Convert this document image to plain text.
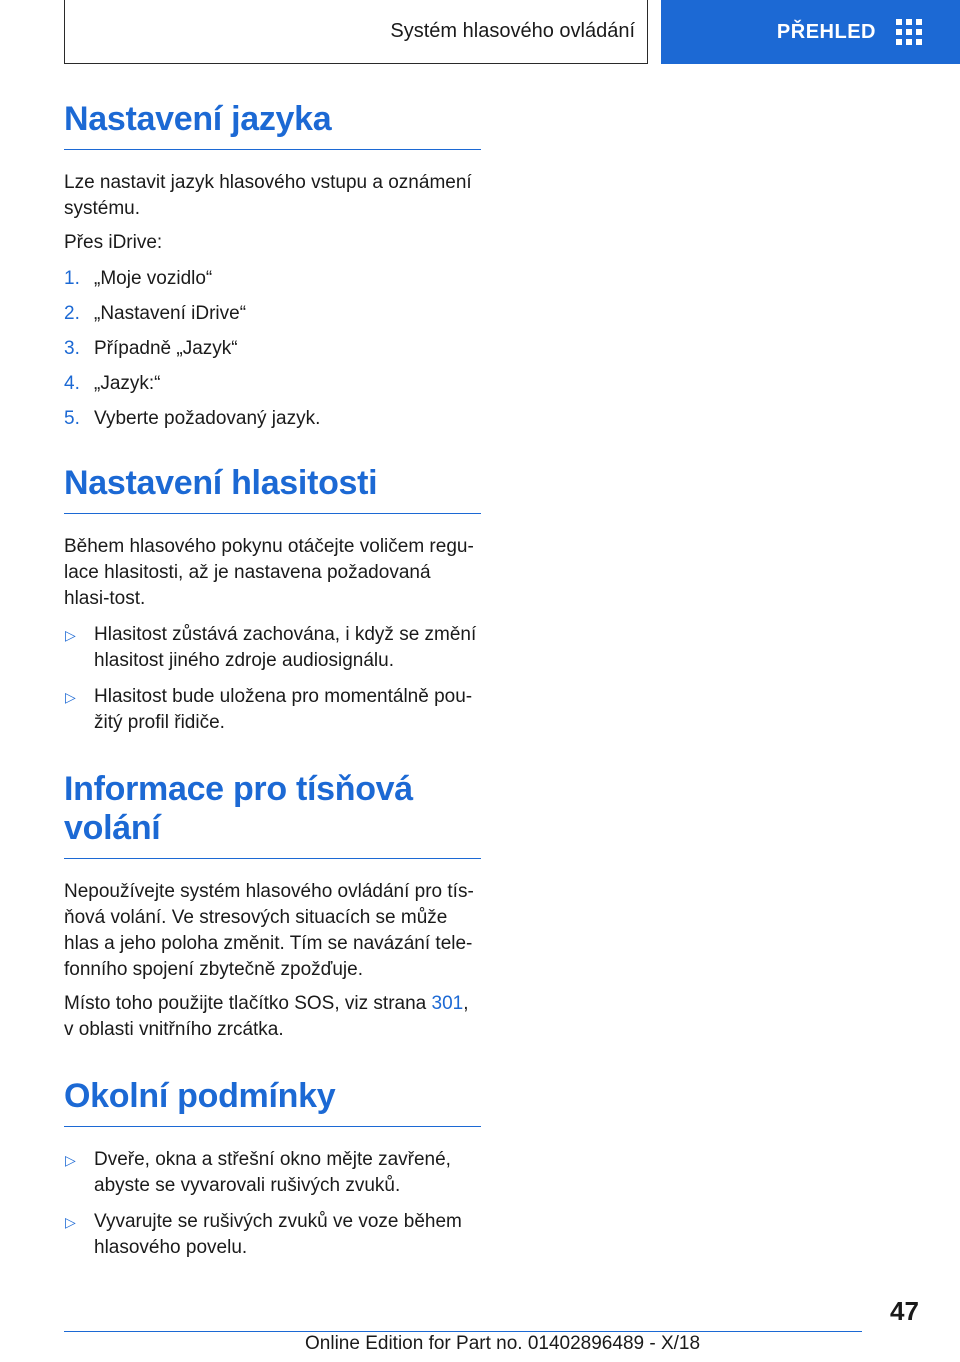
Systém hlasového ovládání	PŘEHLED
Nastavení jazyka

Lze nastavit jazyk hlasového vstupu a oznámení systému.

Přes iDrive:

1. „Moje vozidlo“
2. „Nastavení iDrive“
3. Případně „Jazyk“
4. „Jazyk:“
5. Vyberte požadovaný jazyk.
Nastavení hlasitosti

Během hlasového pokynu otáčejte voličem regu-lace hlasitosti, až je nastavena požadovaná hlasi-tost.

▷ Hlasitost zůstává zachována, i když se změní hlasitost jiného zdroje audiosignálu.
▷ Hlasitost bude uložena pro momentálně pou-žitý profil řidiče.
Informace pro tísňová volání

Nepoužívejte systém hlasového ovládání pro tís-ňová volání. Ve stresových situacích se může hlas a jeho poloha změnit. Tím se navázání tele-fonního spojení zbytečně zpožďuje.

Místo toho použijte tlačítko SOS, viz strana 301, v oblasti vnitřního zrcátka.

Okolní podmínky
▷ Dveře, okna a střešní okno mějte zavřené, abyste se vyvarovali rušivých zvuků.
▷ Vyvarujte se rušivých zvuků ve voze během hlasového povelu.
47
Online Edition for Part no. 01402896489 - X/18
